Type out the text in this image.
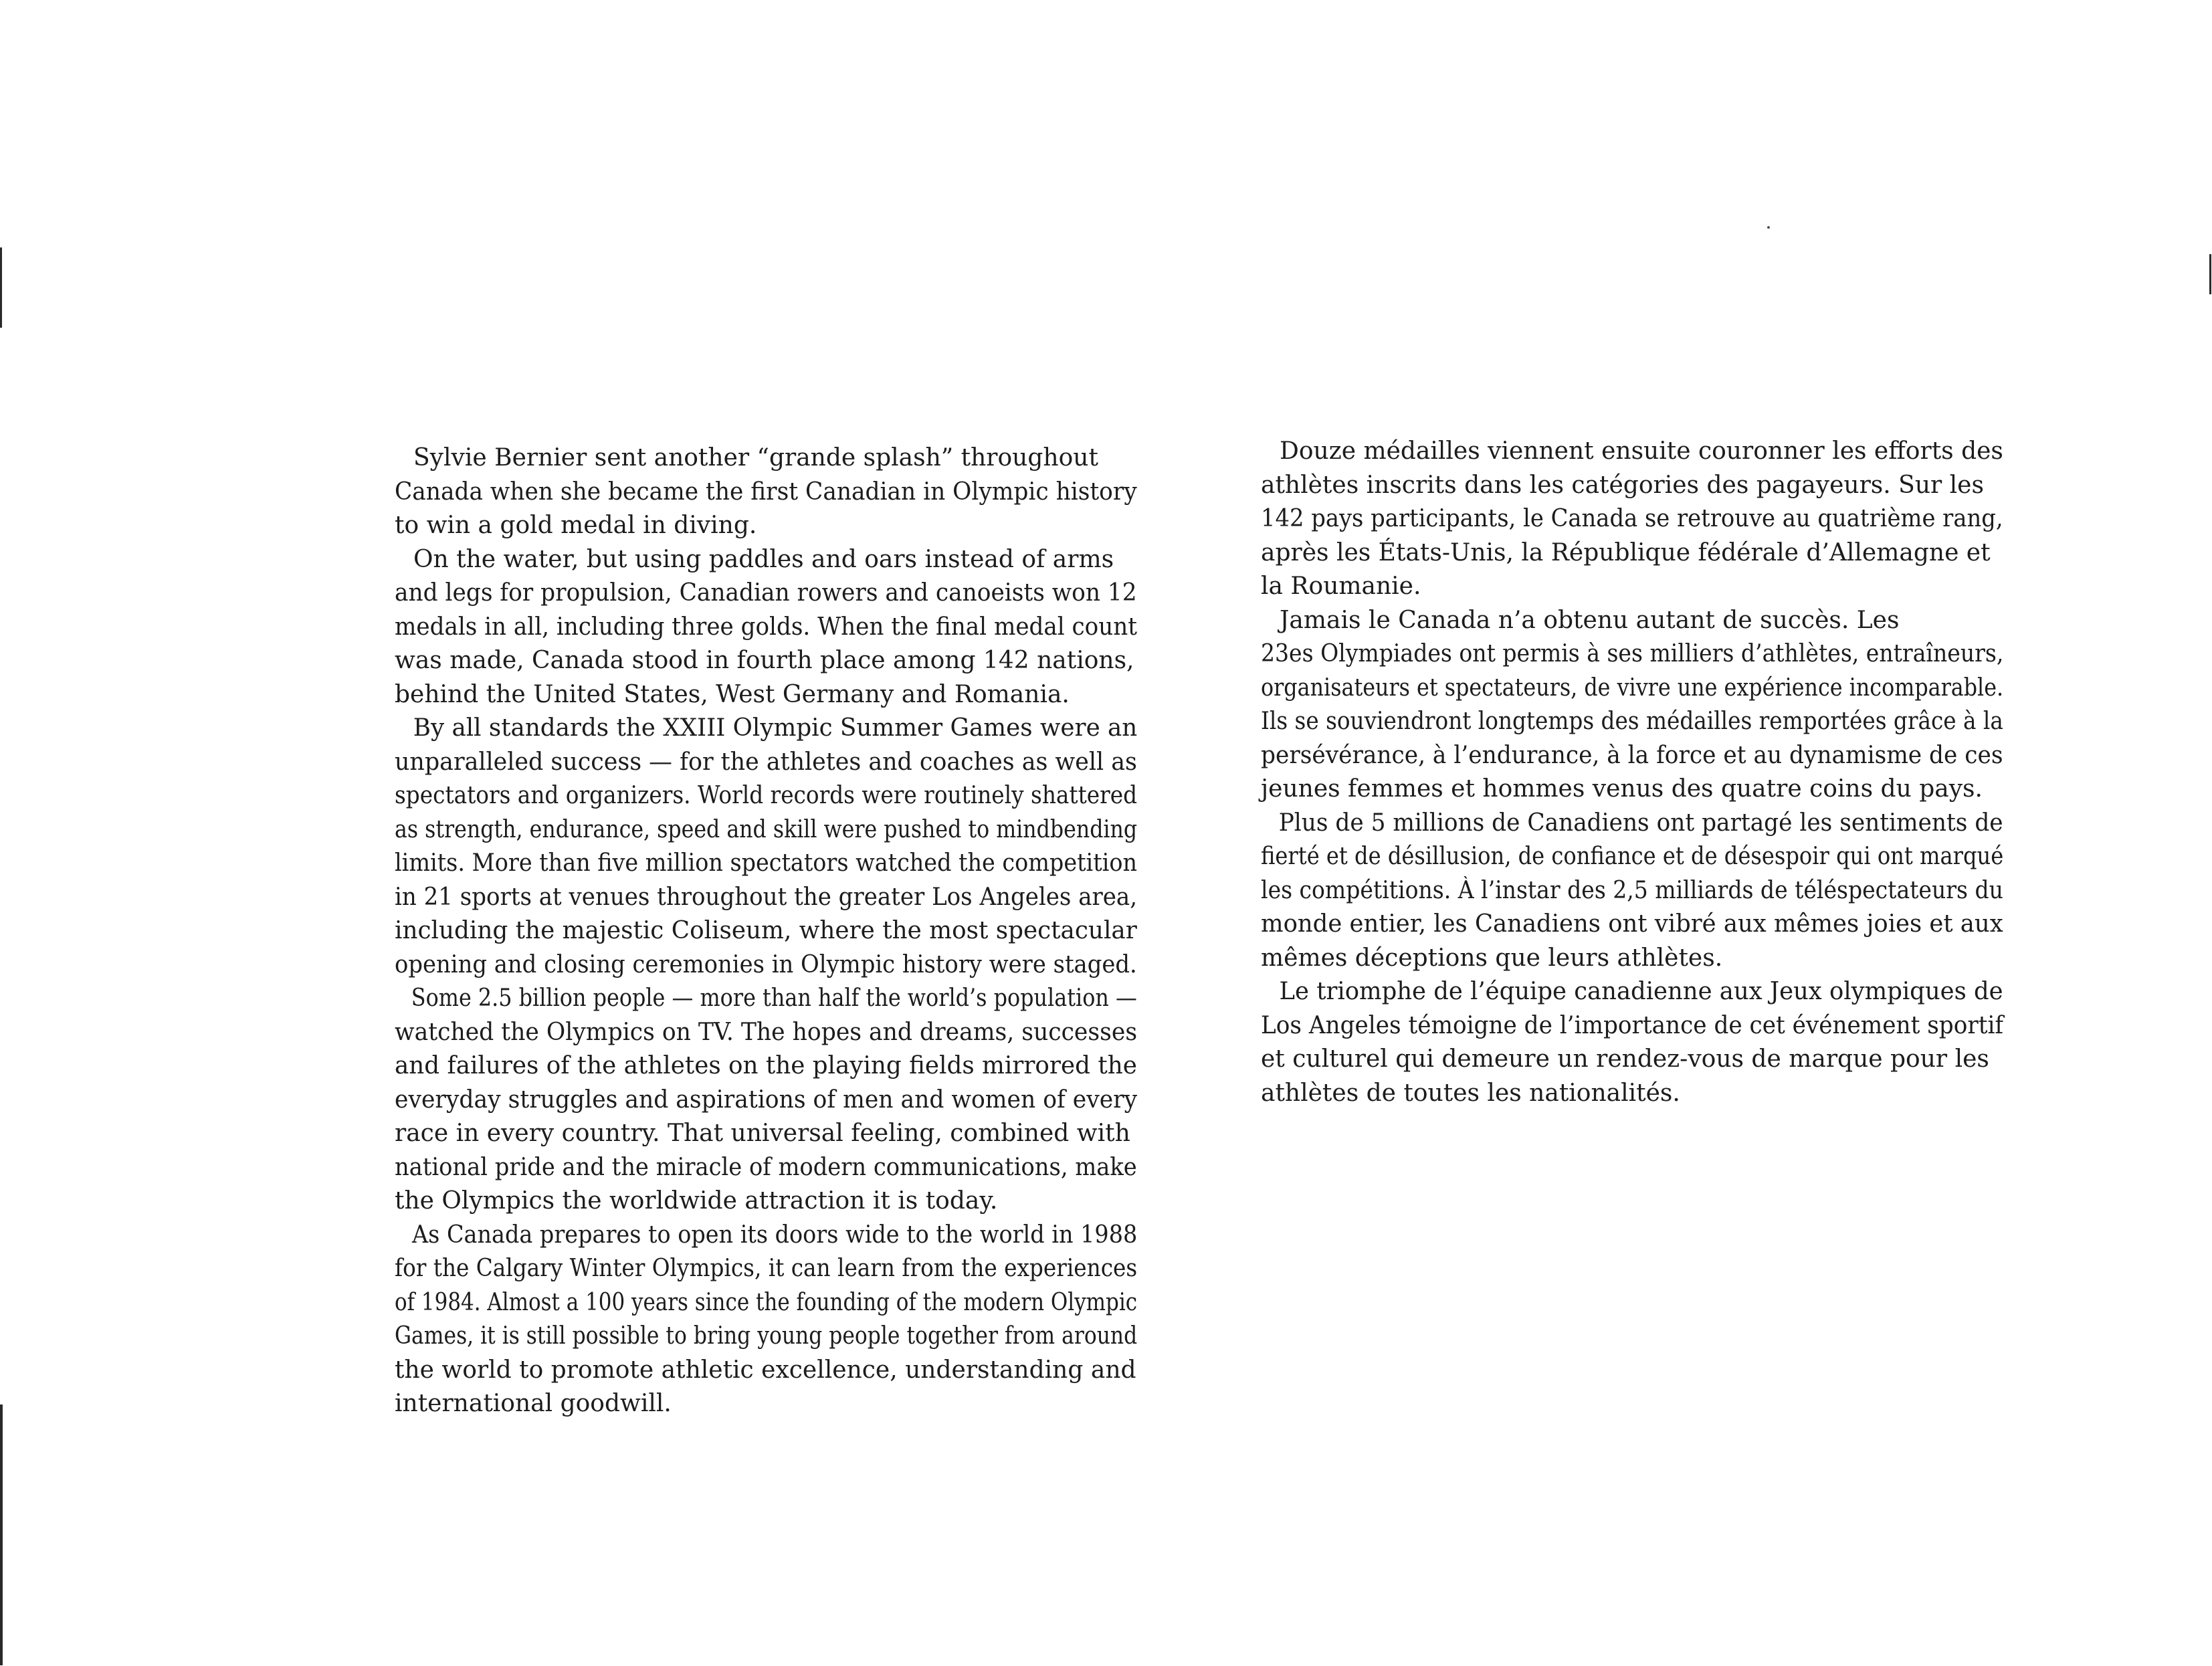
Sylvie Bernier sent another “grande splash” throughout
Canada when she became the first Canadian in Olympic history
to win a gold medal in diving.
On the water, but using paddles and oars instead of arms
and legs for propulsion, Canadian rowers and canoeists won 12
medals in all, including three golds. When the final medal count
was made, Canada stood in fourth place among 142 nations,
behind the United States, West Germany and Romania.
By all standards the XXIII Olympic Summer Games were an
unparalleled success — for the athletes and coaches as well as
spectators and organizers. World records were routinely shattered
as strength, endurance, speed and skill were pushed to mindbending
limits. More than five million spectators watched the competition
in 21 sports at venues throughout the greater Los Angeles area,
including the majestic Coliseum, where the most spectacular
opening and closing ceremonies in Olympic history were staged.
Some 2.5 billion people — more than half the world’s population —
watched the Olympics on TV. The hopes and dreams, successes
and failures of the athletes on the playing fields mirrored the
everyday struggles and aspirations of men and women of every
race in every country. That universal feeling, combined with
national pride and the miracle of modern communications, make
the Olympics the worldwide attraction it is today.
As Canada prepares to open its doors wide to the world in 1988
for the Calgary Winter Olympics, it can learn from the experiences
of 1984. Almost a 100 years since the founding of the modern Olympic
Games, it is still possible to bring young people together from around
the world to promote athletic excellence, understanding and
international goodwill.
Douze médailles viennent ensuite couronner les efforts des
athlètes inscrits dans les catégories des pagayeurs. Sur les
142 pays participants, le Canada se retrouve au quatrième rang,
après les États-Unis, la République fédérale d’Allemagne et
la Roumanie.
Jamais le Canada n’a obtenu autant de succès. Les
23es Olympiades ont permis à ses milliers d’athlètes, entraîneurs,
organisateurs et spectateurs, de vivre une expérience incomparable.
Ils se souviendront longtemps des médailles remportées grâce à la
persévérance, à l’endurance, à la force et au dynamisme de ces
jeunes femmes et hommes venus des quatre coins du pays.
Plus de 5 millions de Canadiens ont partagé les sentiments de
fierté et de désillusion, de confiance et de désespoir qui ont marqué
les compétitions. À l’instar des 2,5 milliards de téléspectateurs du
monde entier, les Canadiens ont vibré aux mêmes joies et aux
mêmes déceptions que leurs athlètes.
Le triomphe de l’équipe canadienne aux Jeux olympiques de
Los Angeles témoigne de l’importance de cet événement sportif
et culturel qui demeure un rendez-vous de marque pour les
athlètes de toutes les nationalités.
